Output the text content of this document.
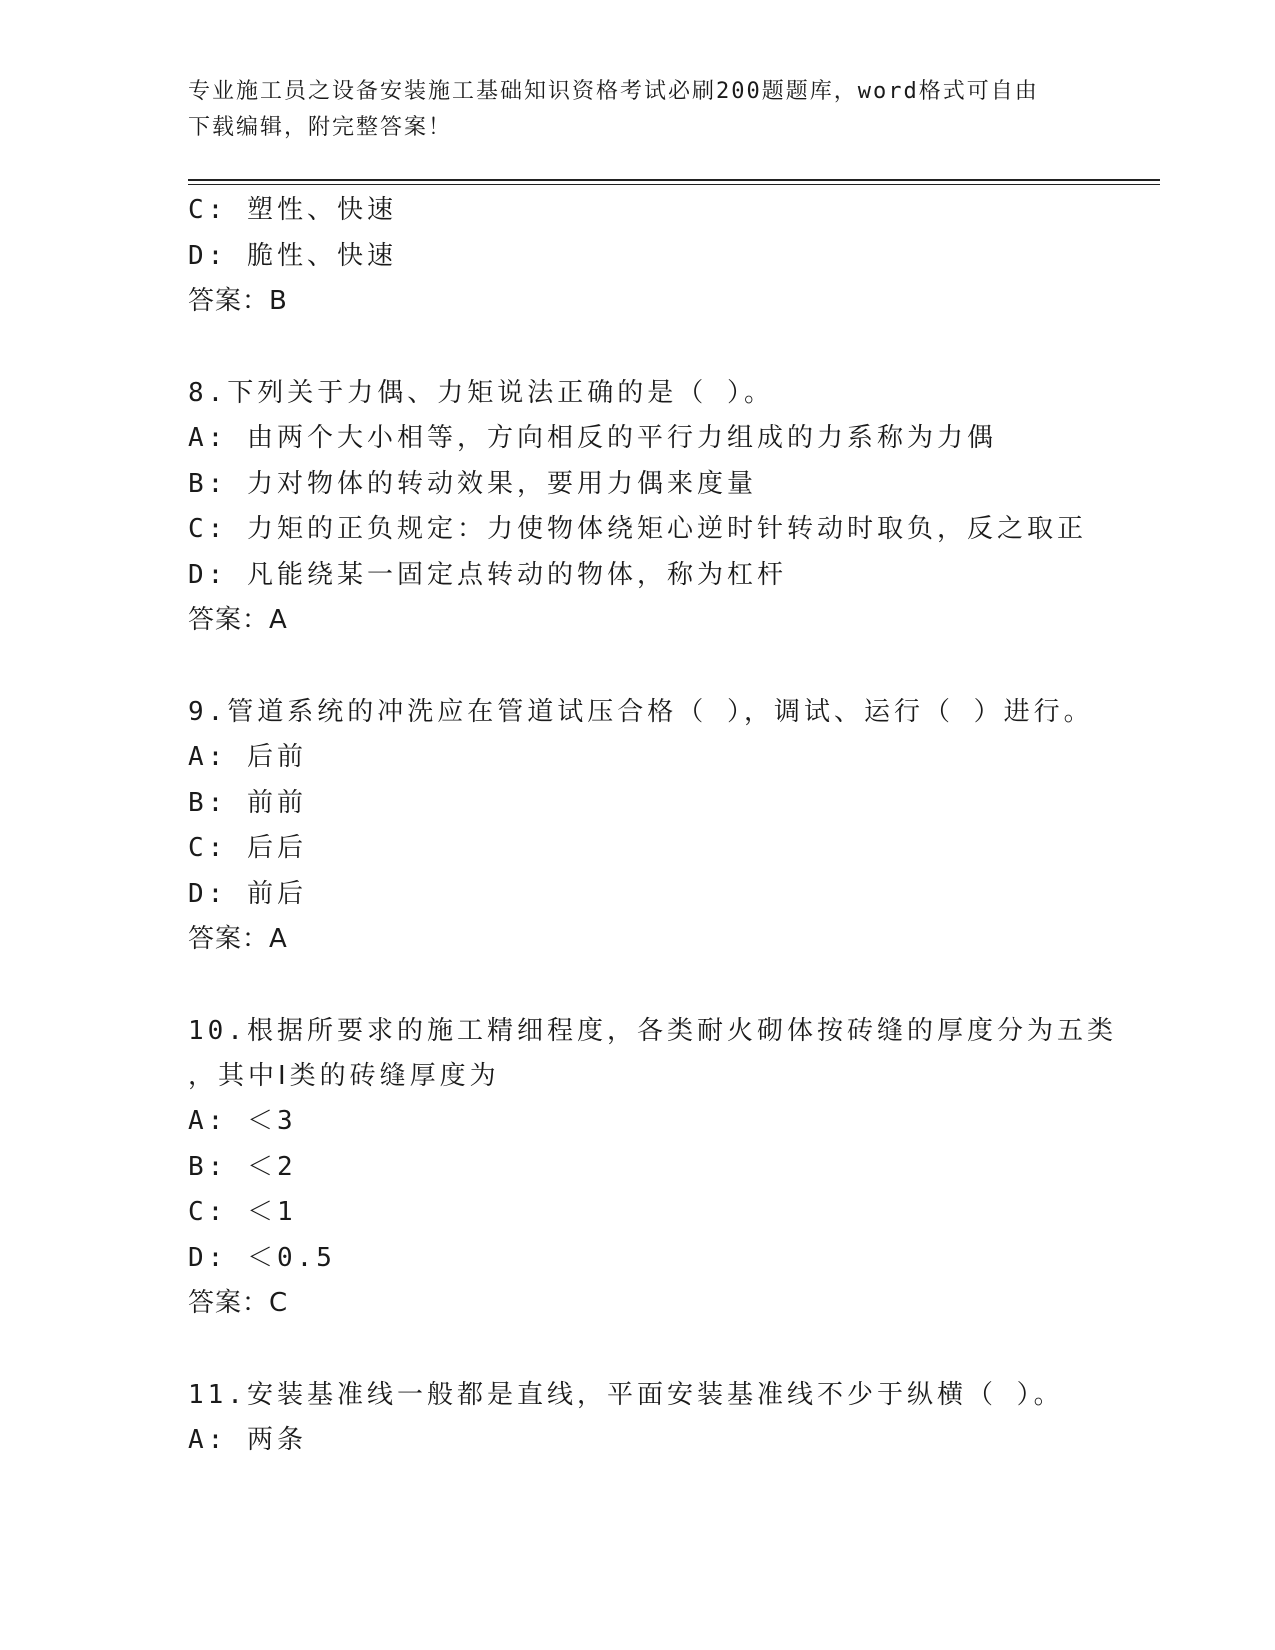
专业施工员之设备安装施工基础知识资格考试必刷200题题库，word格式可自由
下载编辑，附完整答案！
C: 塑性、快速
D: 脆性、快速
答案：B
8.下列关于力偶、力矩说法正确的是（ ）。
A: 由两个大小相等，方向相反的平行力组成的力系称为力偶
B: 力对物体的转动效果，要用力偶来度量
C: 力矩的正负规定：力使物体绕矩心逆时针转动时取负，反之取正
D: 凡能绕某一固定点转动的物体，称为杠杆
答案：A
9.管道系统的冲洗应在管道试压合格（ ），调试、运行（ ）进行。
A: 后前
B: 前前
C: 后后
D: 前后
答案：A
10.根据所要求的施工精细程度，各类耐火砌体按砖缝的厚度分为五类
，其中Ⅰ类的砖缝厚度为
A: ＜3
B: ＜2
C: ＜1
D: ＜0.5
答案：C
11.安装基准线一般都是直线，平面安装基准线不少于纵横（ ）。
A: 两条
